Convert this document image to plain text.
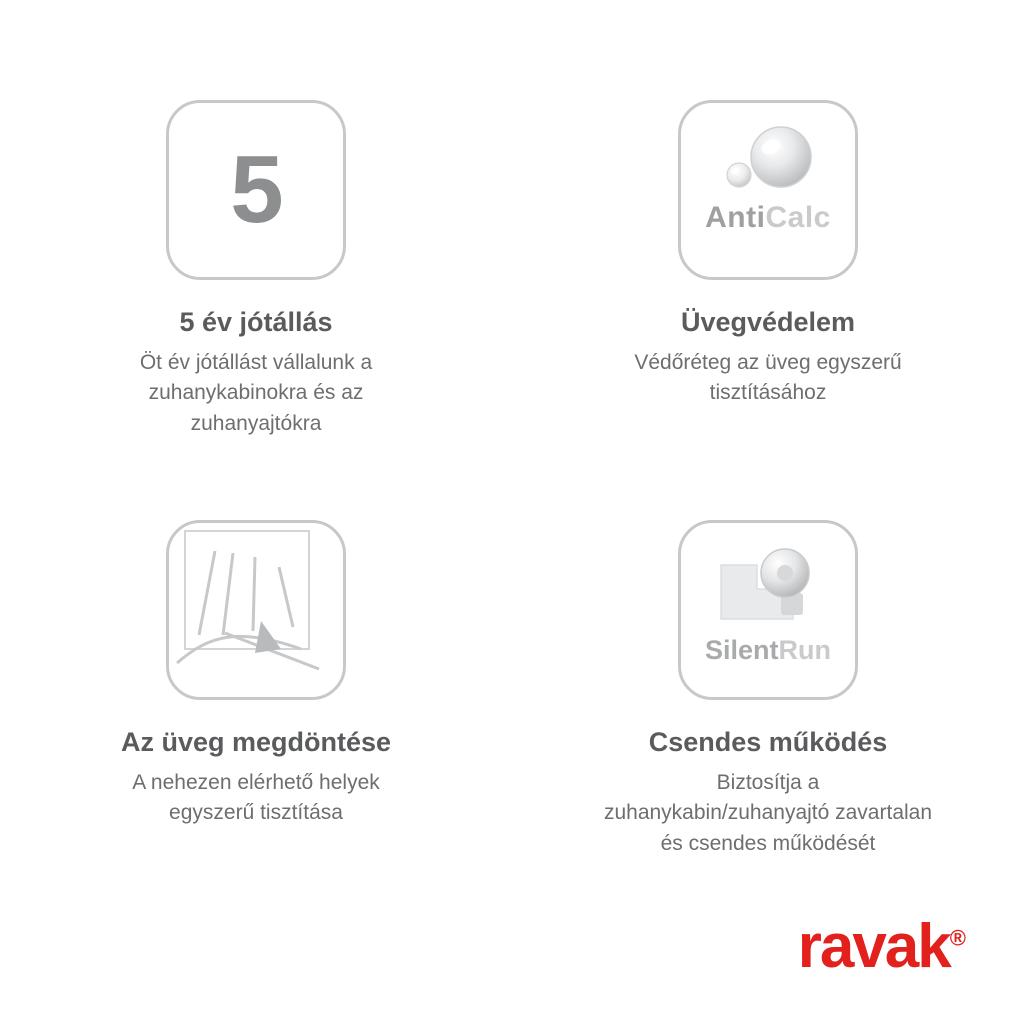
5
5 év jótállás
Öt év jótállást vállalunk a zuhanykabinokra és az zuhanyajtókra
AntiCalc
Üvegvédelem
Védőréteg az üveg egyszerű tisztításához
Az üveg megdöntése
A nehezen elérhető helyek egyszerű tisztítása
SilentRun
Csendes működés
Biztosítja a zuhanykabin/zuhanyajtó zavartalan és csendes működését
ravak®
